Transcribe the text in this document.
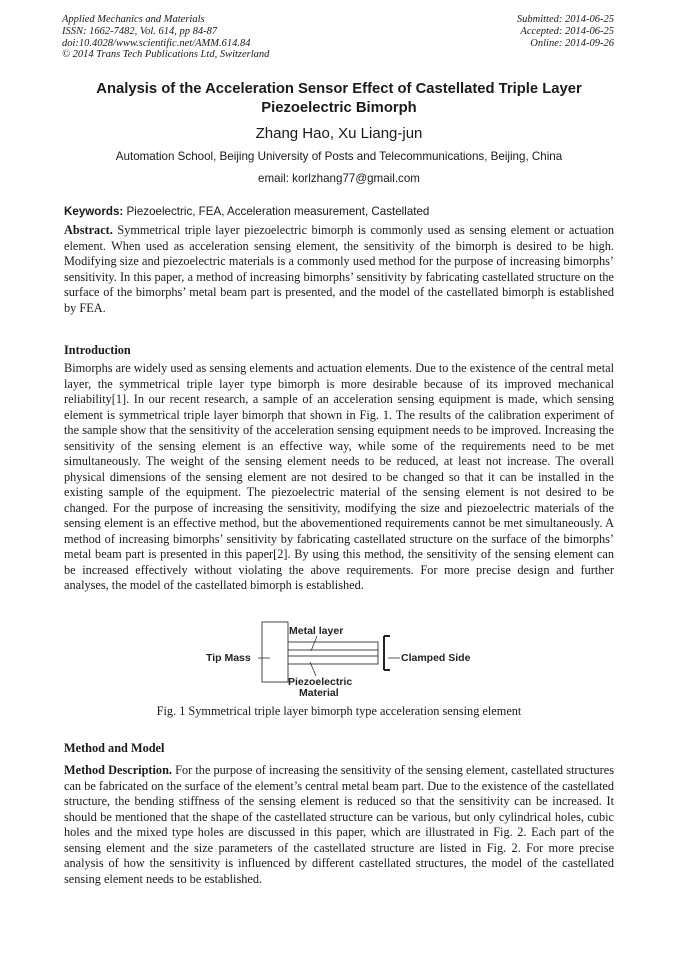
Applied Mechanics and Materials
ISSN: 1662-7482, Vol. 614, pp 84-87
doi:10.4028/www.scientific.net/AMM.614.84
© 2014 Trans Tech Publications Ltd, Switzerland
Submitted: 2014-06-25
Accepted: 2014-06-25
Online: 2014-09-26
Analysis of the Acceleration Sensor Effect of Castellated Triple Layer
Piezoelectric Bimorph
Zhang Hao, Xu Liang-jun
Automation School, Beijing University of Posts and Telecommunications, Beijing, China
email: korlzhang77@gmail.com
Keywords: Piezoelectric, FEA, Acceleration measurement, Castellated
Abstract. Symmetrical triple layer piezoelectric bimorph is commonly used as sensing element or actuation element. When used as acceleration sensing element, the sensitivity of the bimorph is desired to be high. Modifying size and piezoelectric materials is a commonly used method for the purpose of increasing bimorphs’ sensitivity. In this paper, a method of increasing bimorphs’ sensitivity by fabricating castellated structure on the surface of the bimorphs’ metal beam part is presented, and the model of the castellated bimorph is established by FEA.
Introduction
Bimorphs are widely used as sensing elements and actuation elements. Due to the existence of the central metal layer, the symmetrical triple layer type bimorph is more desirable because of its improved mechanical reliability[1]. In our recent research, a sample of an acceleration sensing equipment is made, which sensing element is symmetrical triple layer bimorph that shown in Fig. 1. The results of the calibration experiment of the sample show that the sensitivity of the acceleration sensing equipment needs to be improved. Increasing the sensitivity of the sensing element is an effective way, while some of the requirements need to be met simultaneously. The weight of the sensing element needs to be reduced, at least not increase. The overall physical dimensions of the sensing element are not desired to be changed so that it can be installed in the existing sample of the equipment. The piezoelectric material of the sensing element is not desired to be changed. For the purpose of increasing the sensitivity, modifying the size and piezoelectric materials of the sensing element is an effective method, but the abovementioned requirements cannot be met simultaneously. A method of increasing bimorphs’ sensitivity by fabricating castellated structure on the surface of the bimorphs’ metal beam part is presented in this paper[2]. By using this method, the sensitivity of the sensing element can be increased effectively without violating the above requirements. For more precise design and further analyses, the model of the castellated bimorph is established.
Metal layer
Tip Mass	Clamped Side
Piezoelectric
Material
Fig. 1 Symmetrical triple layer bimorph type acceleration sensing element
Method and Model
Method Description. For the purpose of increasing the sensitivity of the sensing element, castellated structures can be fabricated on the surface of the element’s central metal beam part. Due to the existence of the castellated structure, the bending stiffness of the sensing element is reduced so that the sensitivity can be increased. It should be mentioned that the shape of the castellated structure can be various, but only cylindrical holes, cubic holes and the mixed type holes are discussed in this paper, which are illustrated in Fig. 2. Each part of the sensing element and the size parameters of the castellated structure are listed in Fig. 2. For more precise analysis of how the sensitivity is influenced by different castellated structures, the model of the castellated sensing element needs to be established.
